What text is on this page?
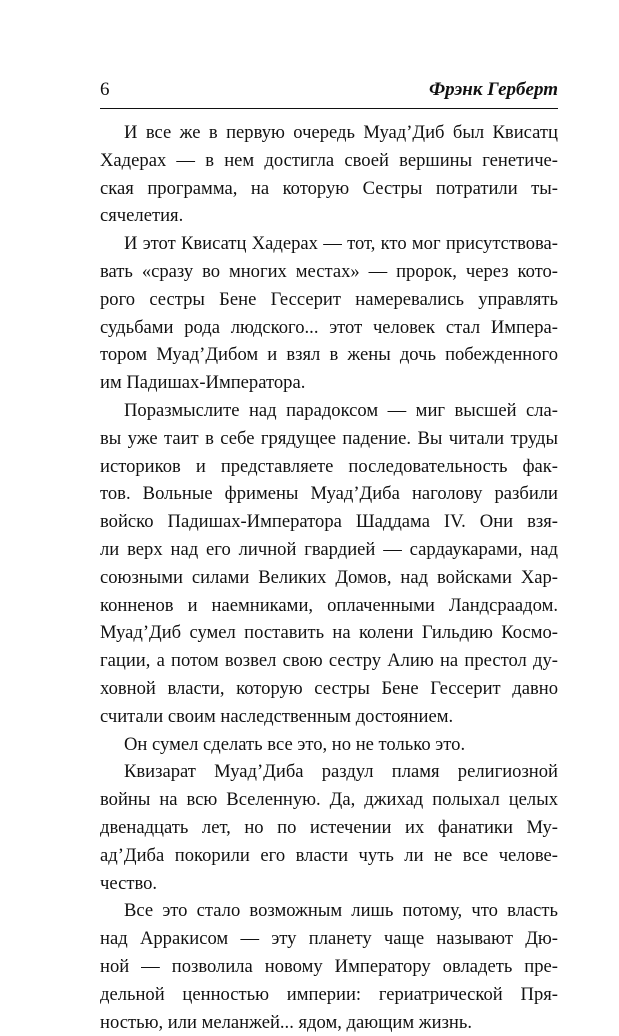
6	Фрэнк Герберт
И все же в первую очередь Муад’Диб был Квисатц
Хадерах — в нем достигла своей вершины генетиче-
ская программа, на которую Сестры потратили ты-
сячелетия.
И этот Квисатц Хадерах — тот, кто мог присутствова-
вать «сразу во многих местах» — пророк, через кото-
рого сестры Бене Гессерит намеревались управлять
судьбами рода людского... этот человек стал Импера-
тором Муад’Дибом и взял в жены дочь побежденного
им Падишах-Императора.
Поразмыслите над парадоксом — миг высшей сла-
вы уже таит в себе грядущее падение. Вы читали труды
историков и представляете последовательность фак-
тов. Вольные фримены Муад’Диба наголову разбили
войско Падишах-Императора Шаддама IV. Они взя-
ли верх над его личной гвардией — сардаукарами, над
союзными силами Великих Домов, над войсками Хар-
конненов и наемниками, оплаченными Ландсраадом.
Муад’Диб сумел поставить на колени Гильдию Космо-
гации, а потом возвел свою сестру Алию на престол ду-
ховной власти, которую сестры Бене Гессерит давно
считали своим наследственным достоянием.
Он сумел сделать все это, но не только это.
Квизарат Муад’Диба раздул пламя религиозной
войны на всю Вселенную. Да, джихад полыхал целых
двенадцать лет, но по истечении их фанатики Му-
ад’Диба покорили его власти чуть ли не все челове-
чество.
Все это стало возможным лишь потому, что власть
над Арракисом — эту планету чаще называют Дю-
ной — позволила новому Императору овладеть пре-
дельной ценностью империи: гериатрической Пря-
ностью, или меланжей... ядом, дающим жизнь.
